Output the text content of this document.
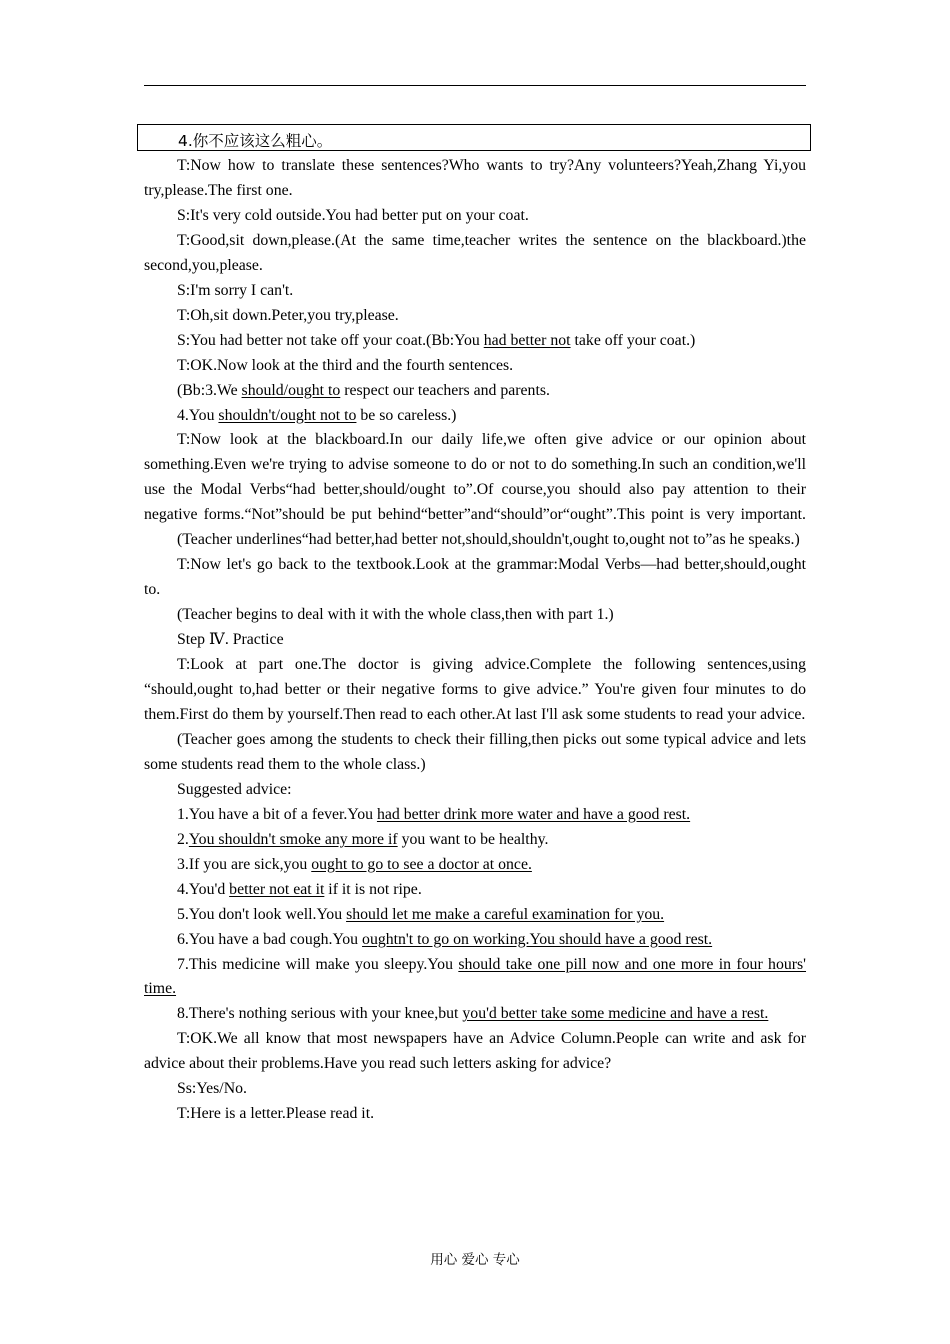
4.你不应该这么粗心。

T:Now how to translate these sentences?Who wants to try?Any volunteers?Yeah,Zhang Yi,you try,please.The first one.

S:It's very cold outside.You had better put on your coat.

T:Good,sit down,please.(At the same time,teacher writes the sentence on the blackboard.)the second,you,please.

S:I'm sorry I can't.

T:Oh,sit down.Peter,you try,please.

S:You had better not take off your coat.(Bb:You had better not take off your coat.)

T:OK.Now look at the third and the fourth sentences.

(Bb:3.We should/ought to respect our teachers and parents.

4.You shouldn't/ought not to be so careless.)

T:Now look at the blackboard.In our daily life,we often give advice or our opinion about something.Even we're trying to advise someone to do or not to do something.In such an condition,we'll use the Modal Verbs“had better,should/ought to”.Of course,you should also pay attention to their negative forms.“Not”should be put behind“better”and“should”or“ought”.This point is very important.

(Teacher underlines“had better,had better not,should,shouldn't,ought to,ought not to”as he speaks.)

T:Now let's go back to the textbook.Look at the grammar:Modal Verbs—had better,should,ought to.

(Teacher begins to deal with it with the whole class,then with part 1.)

Step Ⅳ. Practice

T:Look at part one.The doctor is giving advice.Complete the following sentences,using “should,ought to,had better or their negative forms to give advice.” You're given four minutes to do them.First do them by yourself.Then read to each other.At last I'll ask some students to read your advice.

(Teacher goes among the students to check their filling,then picks out some typical advice and lets some students read them to the whole class.)

Suggested advice:

1.You have a bit of a fever.You had better drink more water and have a good rest.

2.You shouldn't smoke any more if you want to be healthy.

3.If you are sick,you ought to go to see a doctor at once.

4.You'd better not eat it if it is not ripe.

5.You don't look well.You should let me make a careful examination for you.

6.You have a bad cough.You oughtn't to go on working.You should have a good rest.

7.This medicine will make you sleepy.You should take one pill now and one more in four hours' time.

8.There's nothing serious with your knee,but you'd better take some medicine and have a rest.

T:OK.We all know that most newspapers have an Advice Column.People can write and ask for advice about their problems.Have you read such letters asking for advice?

Ss:Yes/No.

T:Here is a letter.Please read it.

用心 爱心 专心
